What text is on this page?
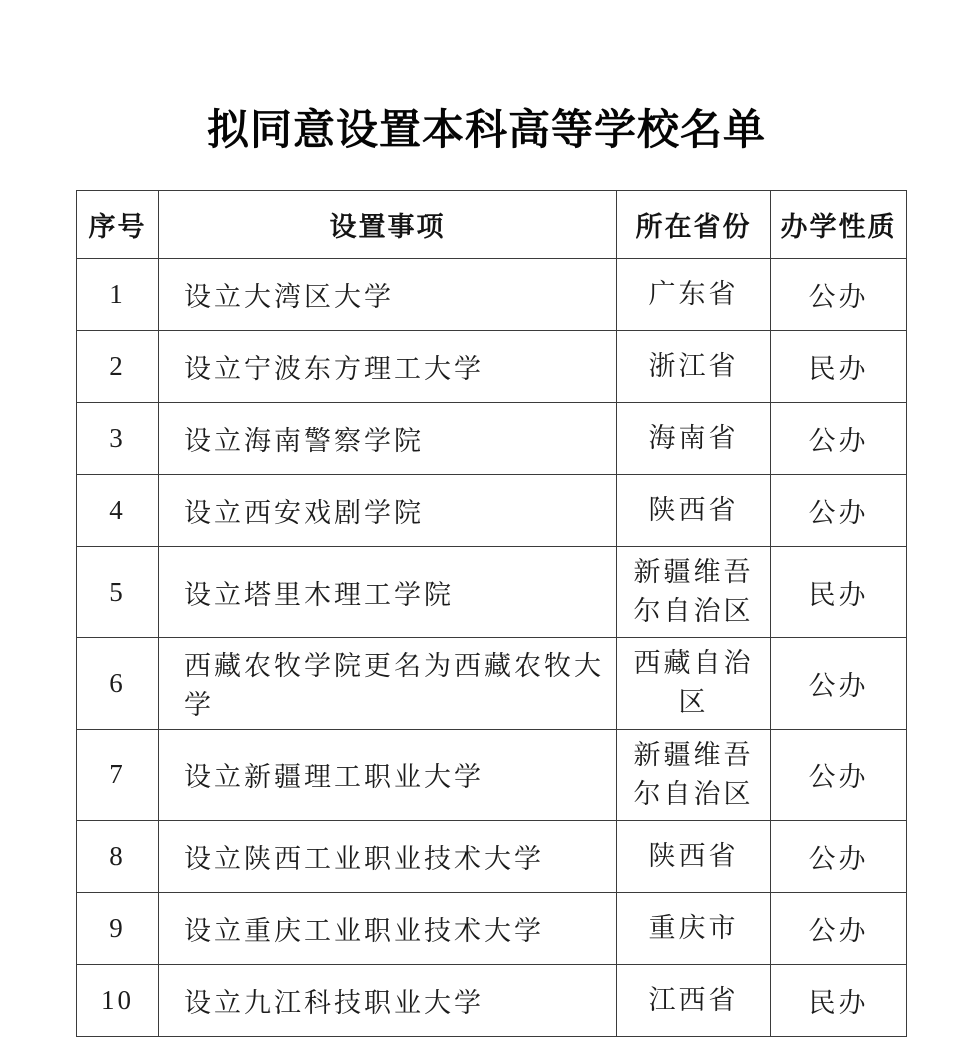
拟同意设置本科高等学校名单
序号	设置事项	所在省份	办学性质
1	设立大湾区大学	广东省	公办
2	设立宁波东方理工大学	浙江省	民办
3	设立海南警察学院	海南省	公办
4	设立西安戏剧学院	陕西省	公办
5	设立塔里木理工学院	新疆维吾尔自治区	民办
6	西藏农牧学院更名为西藏农牧大学	西藏自治区	公办
7	设立新疆理工职业大学	新疆维吾尔自治区	公办
8	设立陕西工业职业技术大学	陕西省	公办
9	设立重庆工业职业技术大学	重庆市	公办
10	设立九江科技职业大学	江西省	民办
